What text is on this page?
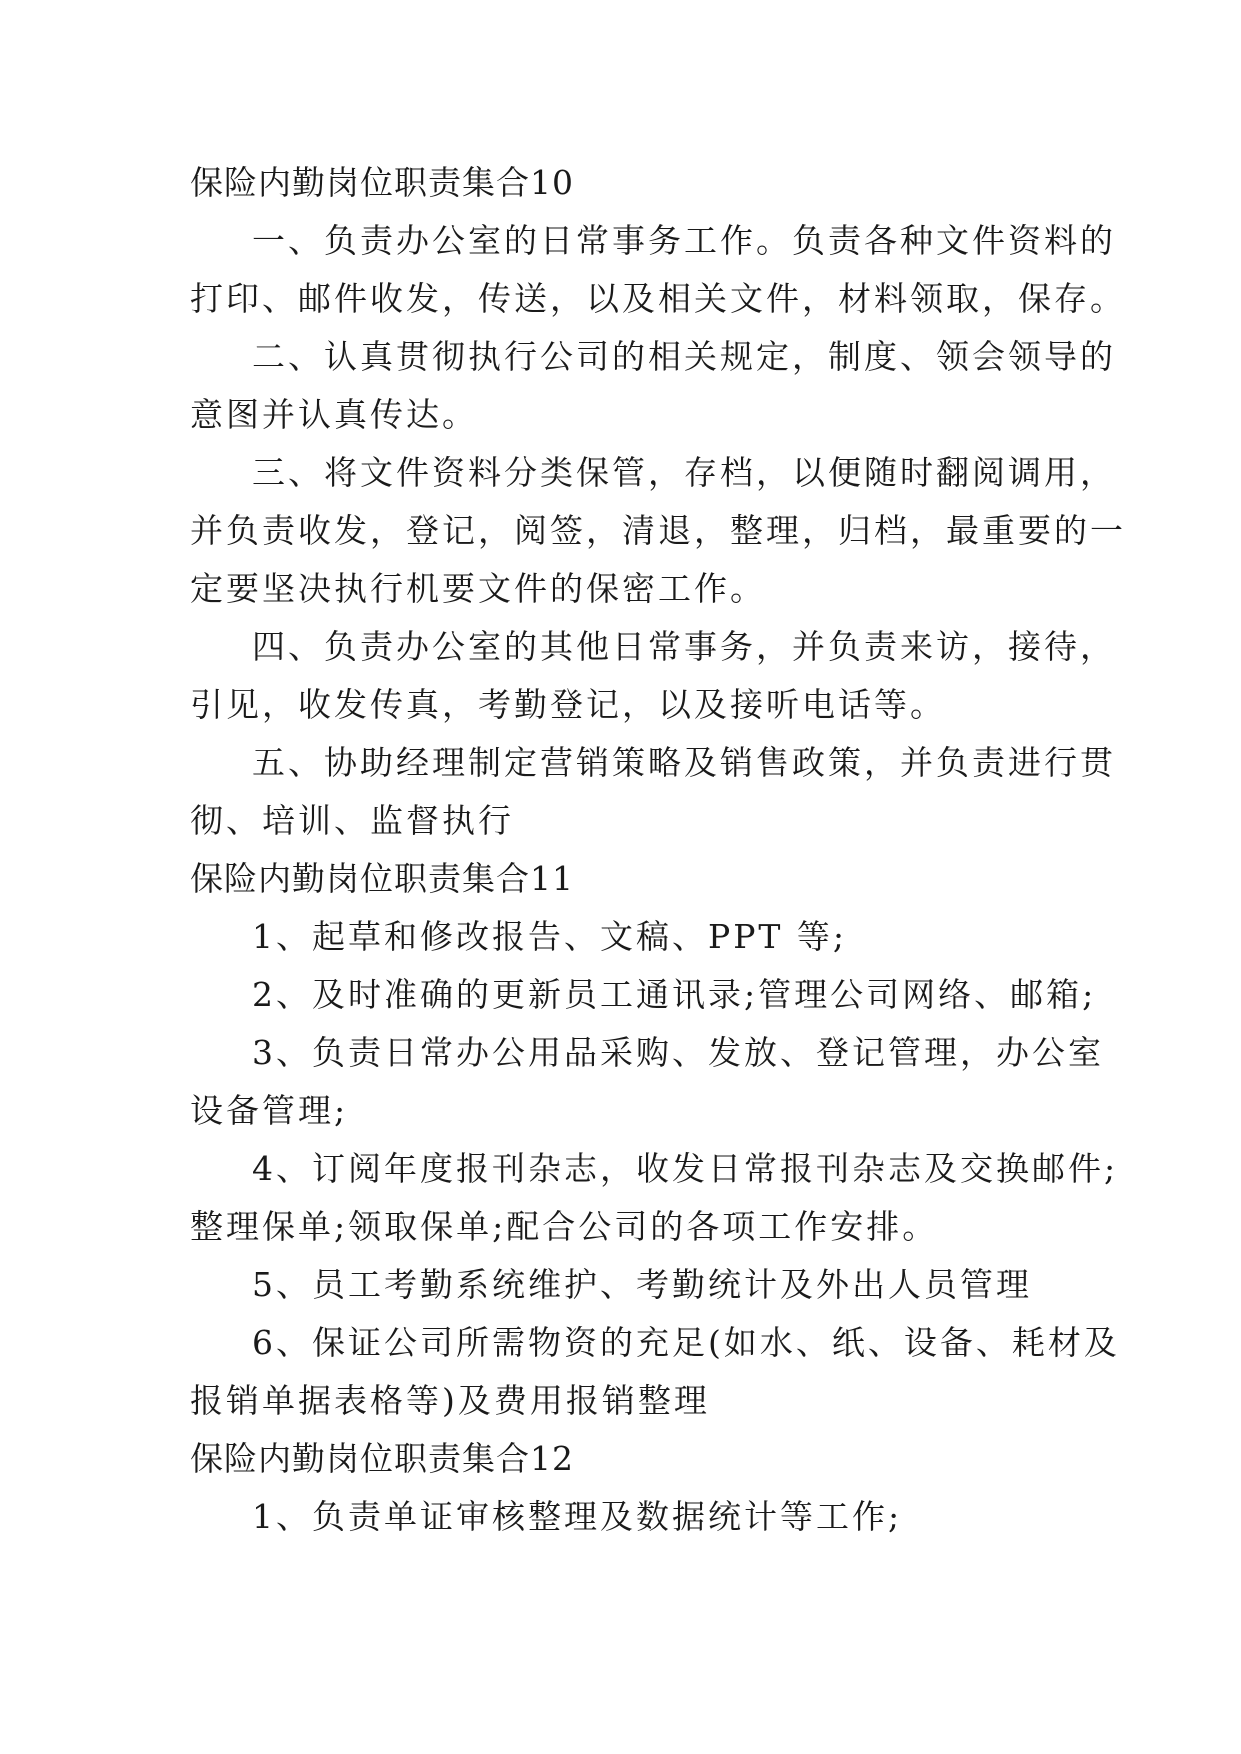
保险内勤岗位职责集合10
一、负责办公室的日常事务工作。负责各种文件资料的
打印、邮件收发，传送，以及相关文件，材料领取，保存。
二、认真贯彻执行公司的相关规定，制度、领会领导的
意图并认真传达。
三、将文件资料分类保管，存档，以便随时翻阅调用，
并负责收发，登记，阅签，清退，整理，归档，最重要的一
定要坚决执行机要文件的保密工作。
四、负责办公室的其他日常事务，并负责来访，接待，
引见，收发传真，考勤登记，以及接听电话等。
五、协助经理制定营销策略及销售政策，并负责进行贯
彻、培训、监督执行
保险内勤岗位职责集合11
1、起草和修改报告、文稿、PPT 等;
2、及时准确的更新员工通讯录;管理公司网络、邮箱;
3、负责日常办公用品采购、发放、登记管理，办公室
设备管理;
4、订阅年度报刊杂志，收发日常报刊杂志及交换邮件;
整理保单;领取保单;配合公司的各项工作安排。
5、员工考勤系统维护、考勤统计及外出人员管理
6、保证公司所需物资的充足(如水、纸、设备、耗材及
报销单据表格等)及费用报销整理
保险内勤岗位职责集合12
1、负责单证审核整理及数据统计等工作;
